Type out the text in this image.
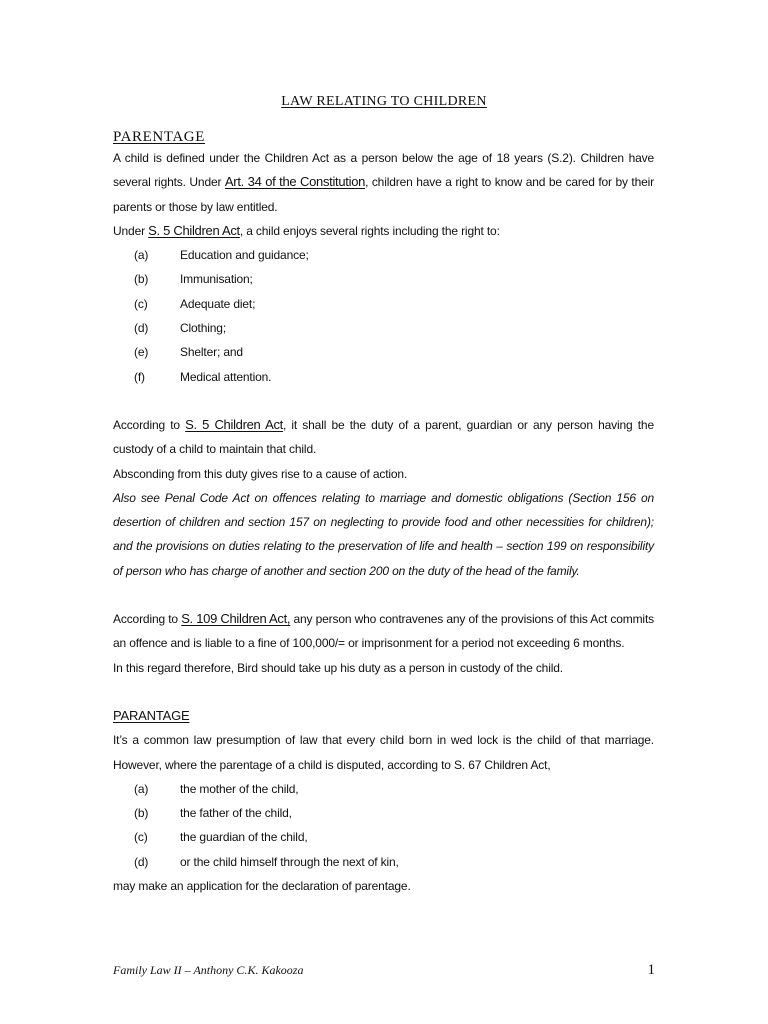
LAW RELATING TO CHILDREN
PARENTAGE

A child is defined under the Children Act as a person below the age of 18 years (S.2). Children have several rights. Under Art. 34 of the Constitution, children have a right to know and be cared for by their parents or those by law entitled.

Under S. 5 Children Act, a child enjoys several rights including the right to:

(a)	Education and guidance;
(b)	Immunisation;
(c)	Adequate diet;
(d)	Clothing;
(e)	Shelter; and
(f)	Medical attention.

According to S. 5 Children Act, it shall be the duty of a parent, guardian or any person having the custody of a child to maintain that child.

Absconding from this duty gives rise to a cause of action.

Also see Penal Code Act on offences relating to marriage and domestic obligations (Section 156 on desertion of children and section 157 on neglecting to provide food and other necessities for children); and the provisions on duties relating to the preservation of life and health – section 199 on responsibility of person who has charge of another and section 200 on the duty of the head of the family.

According to S. 109 Children Act, any person who contravenes any of the provisions of this Act commits an offence and is liable to a fine of 100,000/= or imprisonment for a period not exceeding 6 months.

In this regard therefore, Bird should take up his duty as a person in custody of the child.

PARANTAGE

It’s a common law presumption of law that every child born in wed lock is the child of that marriage. However, where the parentage of a child is disputed, according to S. 67 Children Act,

(a)	the mother of the child,
(b)	the father of the child,
(c)	the guardian of the child,
(d)	or the child himself through the next of kin,

may make an application for the declaration of parentage.

Family Law II – Anthony C.K. Kakooza	1
